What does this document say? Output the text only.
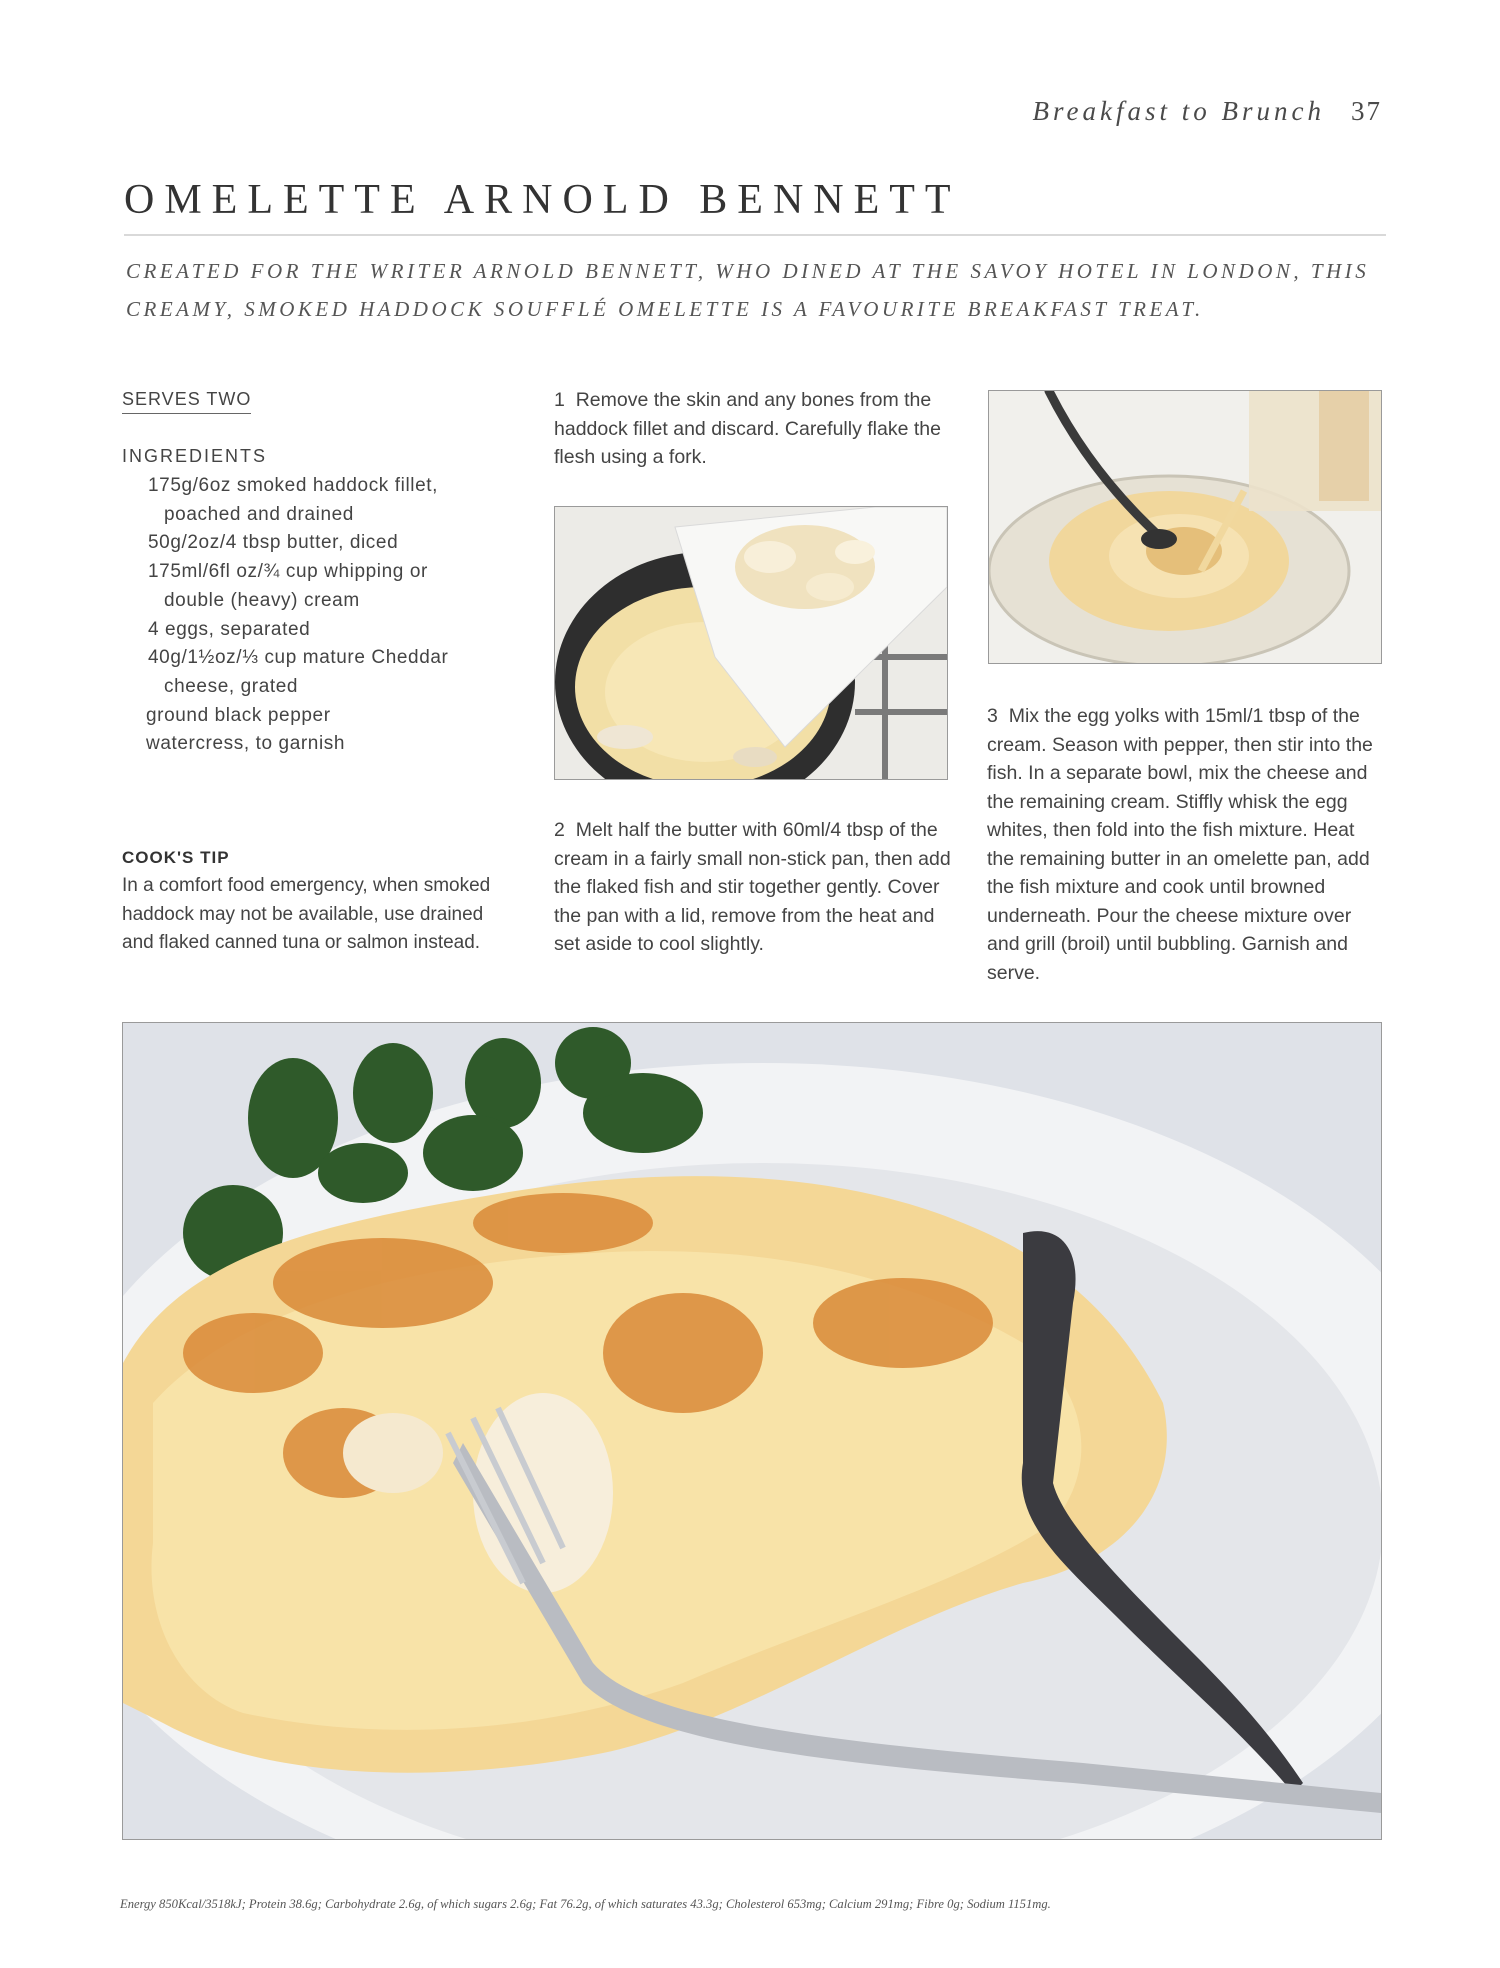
Breakfast to Brunch 37
OMELETTE ARNOLD BENNETT
CREATED FOR THE WRITER ARNOLD BENNETT, WHO DINED AT THE SAVOY HOTEL IN LONDON, THIS CREAMY, SMOKED HADDOCK SOUFFLÉ OMELETTE IS A FAVOURITE BREAKFAST TREAT.
SERVES TWO
INGREDIENTS
175g/6oz smoked haddock fillet, poached and drained
50g/2oz/4 tbsp butter, diced
175ml/6fl oz/¾ cup whipping or double (heavy) cream
4 eggs, separated
40g/1½oz/⅓ cup mature Cheddar cheese, grated
ground black pepper
watercress, to garnish
COOK'S TIP
In a comfort food emergency, when smoked haddock may not be available, use drained and flaked canned tuna or salmon instead.
1 Remove the skin and any bones from the haddock fillet and discard. Carefully flake the flesh using a fork.
2 Melt half the butter with 60ml/4 tbsp of the cream in a fairly small non-stick pan, then add the flaked fish and stir together gently. Cover the pan with a lid, remove from the heat and set aside to cool slightly.
3 Mix the egg yolks with 15ml/1 tbsp of the cream. Season with pepper, then stir into the fish. In a separate bowl, mix the cheese and the remaining cream. Stiffly whisk the egg whites, then fold into the fish mixture. Heat the remaining butter in an omelette pan, add the fish mixture and cook until browned underneath. Pour the cheese mixture over and grill (broil) until bubbling. Garnish and serve.
Energy 850Kcal/3518kJ; Protein 38.6g; Carbohydrate 2.6g, of which sugars 2.6g; Fat 76.2g, of which saturates 43.3g; Cholesterol 653mg; Calcium 291mg; Fibre 0g; Sodium 1151mg.
